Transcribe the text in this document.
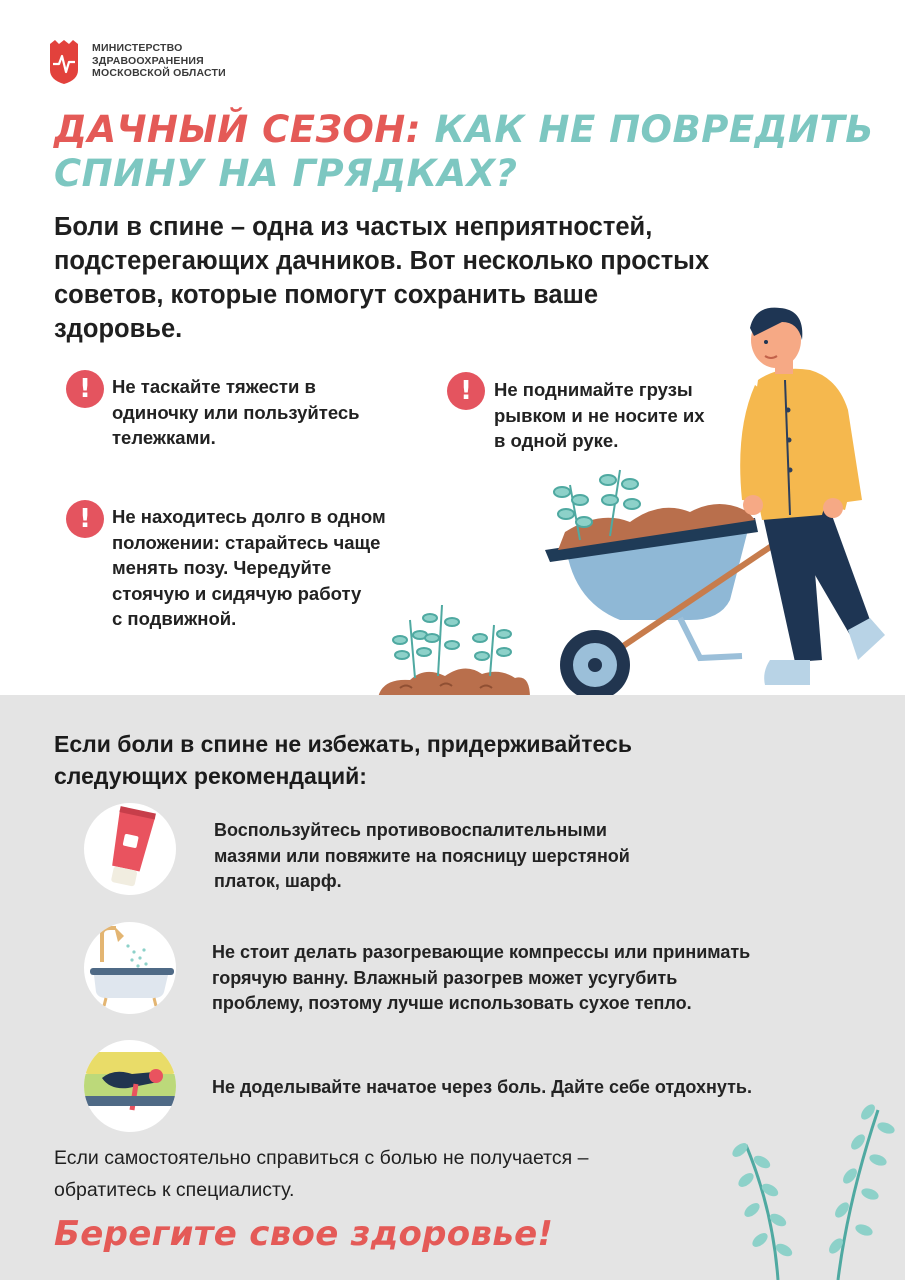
МИНИСТЕРСТВО
ЗДРАВООХРАНЕНИЯ
МОСКОВСКОЙ ОБЛАСТИ
ДАЧНЫЙ СЕЗОН: КАК НЕ ПОВРЕДИТЬ
СПИНУ НА ГРЯДКАХ?
Боли в спине – одна из частых неприятностей,
подстерегающих дачников. Вот несколько простых
советов, которые помогут сохранить ваше
здоровье.
!	Не таскайте тяжести в
одиночку или пользуйтесь
тележками.
!	Не поднимайте грузы
рывком и не носите их
в одной руке.
!	Не находитесь долго в одном
положении: старайтесь чаще
менять позу. Чередуйте
стоячую и сидячую работу
с подвижной.
Если боли в спине не избежать, придерживайтесь
следующих рекомендаций:
Воспользуйтесь противовоспалительными
мазями или повяжите на поясницу шерстяной
платок, шарф.
Не стоит делать разогревающие компрессы или принимать
горячую ванну. Влажный разогрев может усугубить
проблему, поэтому лучше использовать сухое тепло.
Не доделывайте начатое через боль. Дайте себе отдохнуть.
Если самостоятельно справиться с болью не получается –
обратитесь к специалисту.
Берегите свое здоровье!
